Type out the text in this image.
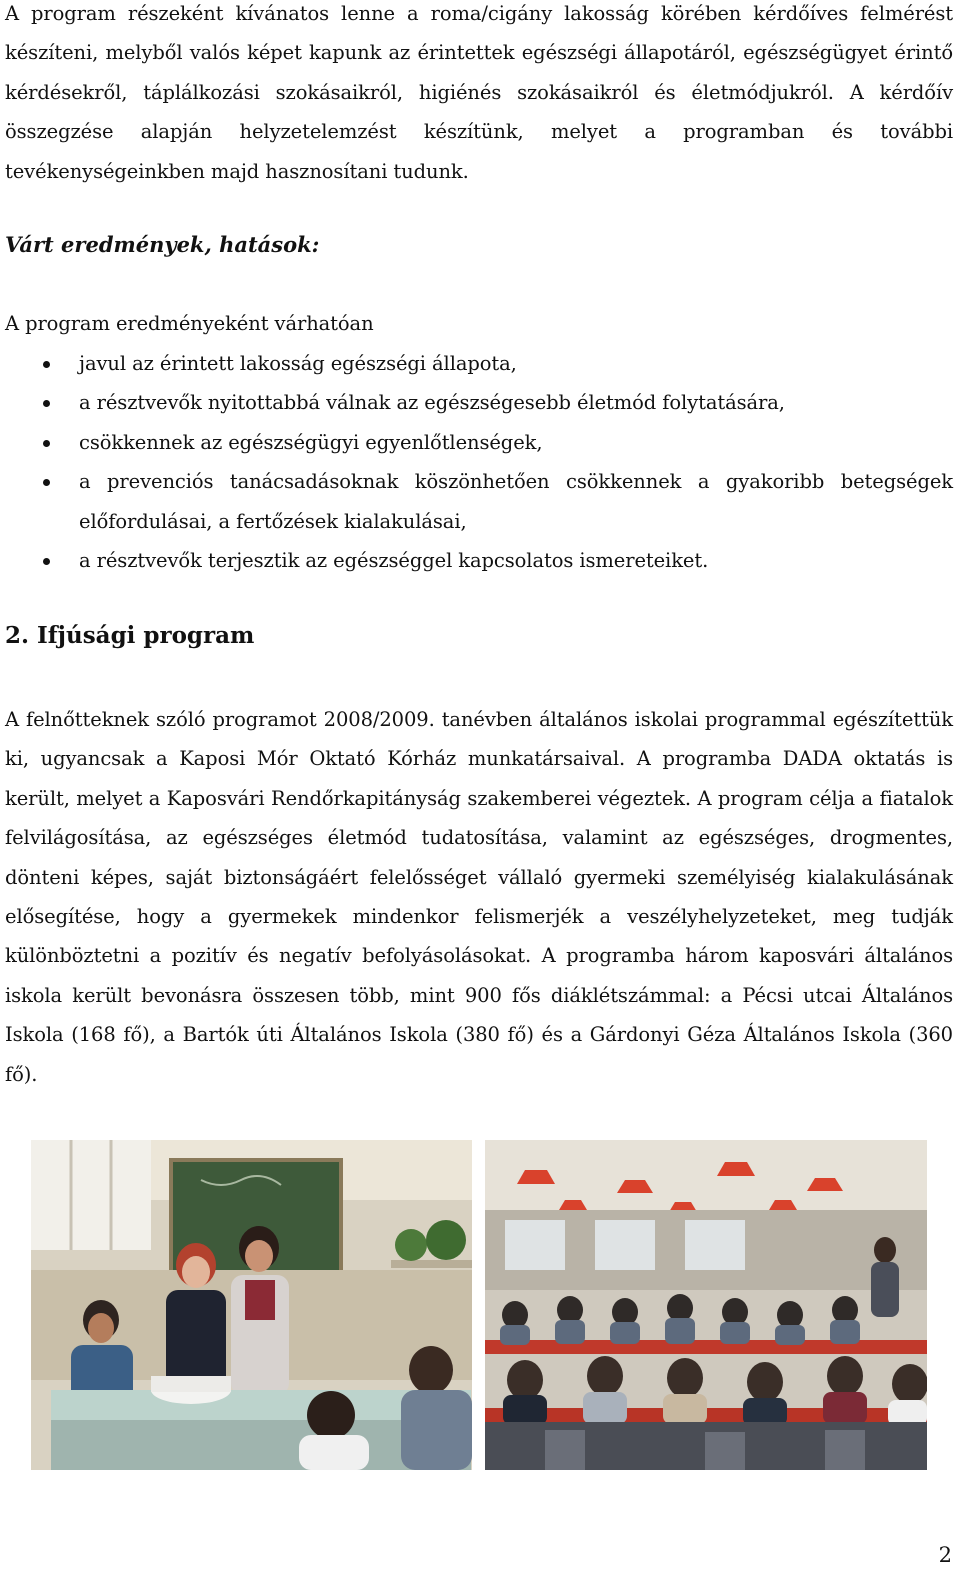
A program részeként kívánatos lenne a roma/cigány lakosság körében kérdőíves felmérést készíteni, melyből valós képet kapunk az érintettek egészségi állapotáról, egészségügyet érintő kérdésekről, táplálkozási szokásaikról, higiénés szokásaikról és életmódjukról. A kérdőív összegzése alapján helyzetelemzést készítünk, melyet a programban és további tevékenységeinkben majd hasznosítani tudunk.

Várt eredmények, hatások:

A program eredményeként várhatóan

javul az érintett lakosság egészségi állapota,
a résztvevők nyitottabbá válnak az egészségesebb életmód folytatására,
csökkennek az egészségügyi egyenlőtlenségek,
a prevenciós tanácsadásoknak köszönhetően csökkennek a gyakoribb betegségek előfordulásai, a fertőzések kialakulásai,
a résztvevők terjesztik az egészséggel kapcsolatos ismereteiket.
2. Ifjúsági program

A felnőtteknek szóló programot 2008/2009. tanévben általános iskolai programmal egészítettük ki, ugyancsak a Kaposi Mór Oktató Kórház munkatársaival. A programba DADA oktatás is került, melyet a Kaposvári Rendőrkapitányság szakemberei végeztek. A program célja a fiatalok felvilágosítása, az egészséges életmód tudatosítása, valamint az egészséges, drogmentes, dönteni képes, saját biztonságáért felelősséget vállaló gyermeki személyiség kialakulásának elősegítése, hogy a gyermekek mindenkor felismerjék a veszélyhelyzeteket, meg tudják különböztetni a pozitív és negatív befolyásolásokat. A programba három kaposvári általános iskola került bevonásra összesen több, mint 900 fős diáklétszámmal: a Pécsi utcai Általános Iskola (168 fő), a Bartók úti Általános Iskola (380 fő) és a Gárdonyi Géza Általános Iskola (360 fő).

2
